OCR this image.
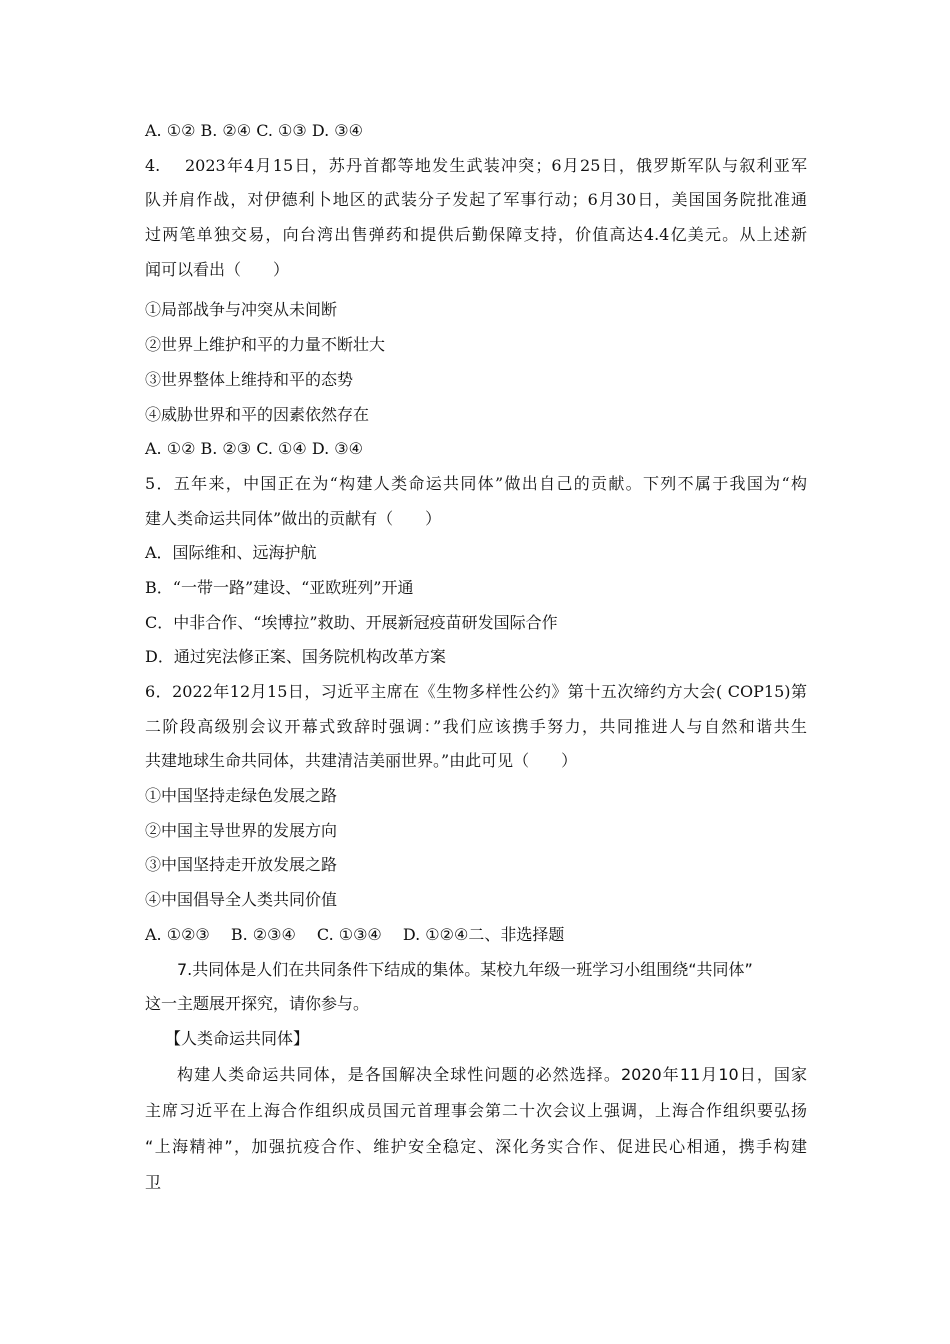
A. ①② B. ②④ C. ①③ D. ③④
4.　 2023年4月15日，苏丹首都等地发生武装冲突；6月25日，俄罗斯军队与叙利亚军
队并肩作战，对伊德利卜地区的武装分子发起了军事行动；6月30日，美国国务院批准通
过两笔单独交易，向台湾出售弹药和提供后勤保障支持，价值高达4.4亿美元。从上述新
闻可以看出（　　）
①局部战争与冲突从未间断
②世界上维护和平的力量不断壮大
③世界整体上维持和平的态势
④威胁世界和平的因素依然存在
A. ①② B. ②③ C. ①④ D. ③④
5．五年来，中国正在为“构建人类命运共同体”做出自己的贡献。下列不属于我国为“构
建人类命运共同体”做出的贡献有（　　）
A．国际维和、远海护航
B．“一带一路”建设、“亚欧班列”开通
C．中非合作、“埃博拉”救助、开展新冠疫苗研发国际合作
D．通过宪法修正案、国务院机构改革方案
6．2022年12月15日，习近平主席在《生物多样性公约》第十五次缔约方大会( COP15)第
二阶段高级别会议开幕式致辞时强调：”我们应该携手努力，共同推进人与自然和谐共生
共建地球生命共同体，共建清洁美丽世界。”由此可见（　　）
①中国坚持走绿色发展之路
②中国主导世界的发展方向
③中国坚持走开放发展之路
④中国倡导全人类共同价值
A. ①②③　 B. ②③④　 C. ①③④　 D. ①②④二、非选择题
7.共同体是人们在共同条件下结成的集体。某校九年级一班学习小组围绕“共同体”
这一主题展开探究，请你参与。
【人类命运共同体】
构建人类命运共同体，是各国解决全球性问题的必然选择。2020年11月10日，国家
主席习近平在上海合作组织成员国元首理事会第二十次会议上强调，上海合作组织要弘扬
“上海精神”，加强抗疫合作、维护安全稳定、深化务实合作、促进民心相通，携手构建
卫
